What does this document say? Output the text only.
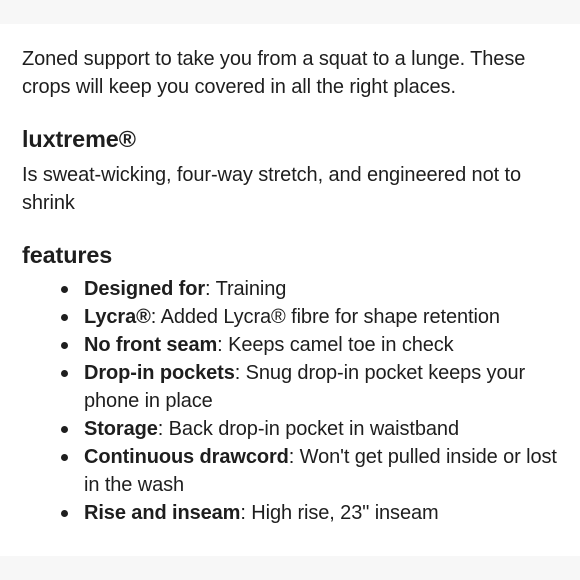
Zoned support to take you from a squat to a lunge. These crops will keep you covered in all the right places.

luxtreme®

Is sweat-wicking, four-way stretch, and engineered not to shrink

features
Designed for: Training
Lycra®: Added Lycra® fibre for shape retention
No front seam: Keeps camel toe in check
Drop-in pockets: Snug drop-in pocket keeps your phone in place
Storage: Back drop-in pocket in waistband
Continuous drawcord: Won't get pulled inside or lost in the wash
Rise and inseam: High rise, 23" inseam
